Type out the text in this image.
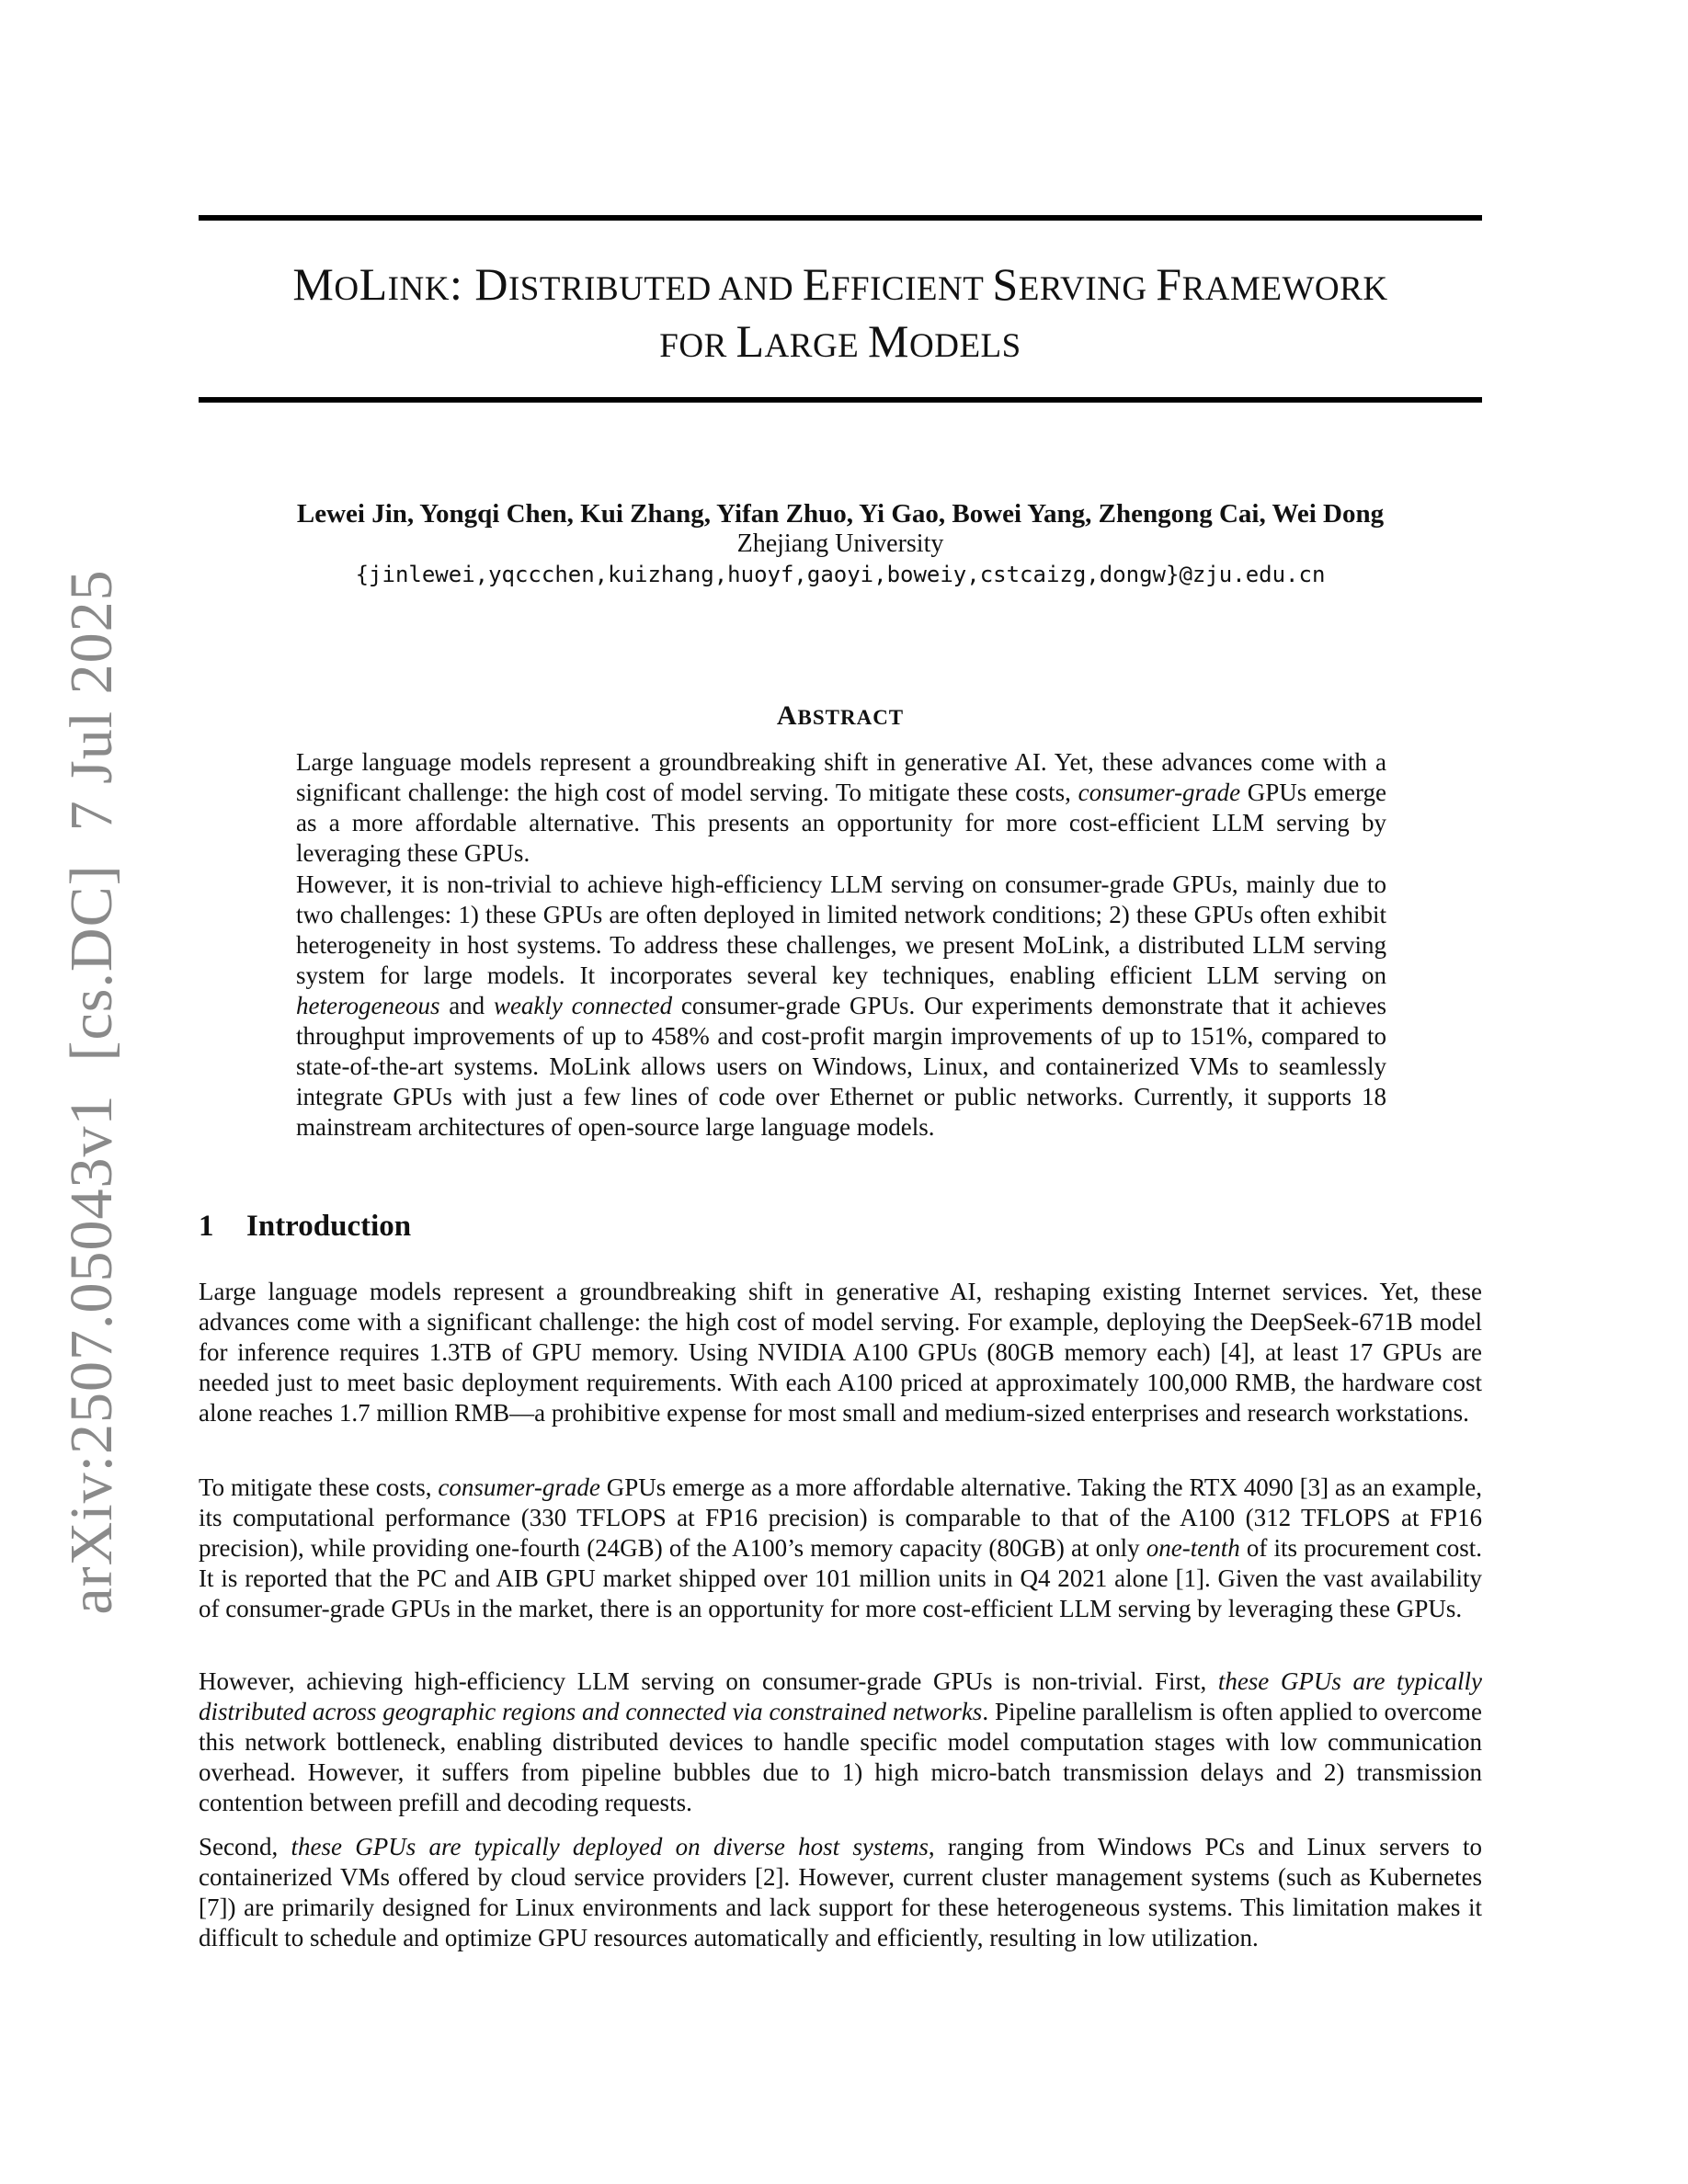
MOLINK: DISTRIBUTED AND EFFICIENT SERVING FRAMEWORK
FOR LARGE MODELS
Lewei Jin, Yongqi Chen, Kui Zhang, Yifan Zhuo, Yi Gao, Bowei Yang, Zhengong Cai, Wei Dong
Zhejiang University
{jinlewei,yqccchen,kuizhang,huoyf,gaoyi,boweiy,cstcaizg,dongw}@zju.edu.cn
arXiv:2507.05043v1[cs.DC]7 Jul 2025	ABSTRACT

Large language models represent a groundbreaking shift in generative AI. Yet, these advances come with a significant challenge: the high cost of model serving. To mitigate these costs, consumer-grade GPUs emerge as a more affordable alternative. This presents an opportunity for more cost-efficient LLM serving by leveraging these GPUs.

However, it is non-trivial to achieve high-efficiency LLM serving on consumer-grade GPUs, mainly due to two challenges: 1) these GPUs are often deployed in limited network conditions; 2) these GPUs often exhibit heterogeneity in host systems. To address these challenges, we present MoLink, a distributed LLM serving system for large models. It incorporates several key techniques, enabling efficient LLM serving on heterogeneous and weakly connected consumer-grade GPUs. Our experiments demonstrate that it achieves throughput improvements of up to 458% and cost-profit margin improvements of up to 151%, compared to state-of-the-art systems. MoLink allows users on Windows, Linux, and containerized VMs to seamlessly integrate GPUs with just a few lines of code over Ethernet or public networks. Currently, it supports 18 mainstream architectures of open-source large language models.

1 Introduction

Large language models represent a groundbreaking shift in generative AI, reshaping existing Internet services. Yet, these advances come with a significant challenge: the high cost of model serving. For example, deploying the DeepSeek-671B model for inference requires 1.3TB of GPU memory. Using NVIDIA A100 GPUs (80GB memory each) [4], at least 17 GPUs are needed just to meet basic deployment requirements. With each A100 priced at approximately 100,000 RMB, the hardware cost alone reaches 1.7 million RMB—a prohibitive expense for most small and medium-sized enterprises and research workstations.

To mitigate these costs, consumer-grade GPUs emerge as a more affordable alternative. Taking the RTX 4090 [3] as an example, its computational performance (330 TFLOPS at FP16 precision) is comparable to that of the A100 (312 TFLOPS at FP16 precision), while providing one-fourth (24GB) of the A100’s memory capacity (80GB) at only one-tenth of its procurement cost. It is reported that the PC and AIB GPU market shipped over 101 million units in Q4 2021 alone [1]. Given the vast availability of consumer-grade GPUs in the market, there is an opportunity for more cost-efficient LLM serving by leveraging these GPUs.

However, achieving high-efficiency LLM serving on consumer-grade GPUs is non-trivial. First, these GPUs are typically distributed across geographic regions and connected via constrained networks. Pipeline parallelism is often applied to overcome this network bottleneck, enabling distributed devices to handle specific model computation stages with low communication overhead. However, it suffers from pipeline bubbles due to 1) high micro-batch transmission delays and 2) transmission contention between prefill and decoding requests.

Second, these GPUs are typically deployed on diverse host systems, ranging from Windows PCs and Linux servers to containerized VMs offered by cloud service providers [2]. However, current cluster management systems (such as Kubernetes [7]) are primarily designed for Linux environments and lack support for these heterogeneous systems. This limitation makes it difficult to schedule and optimize GPU resources automatically and efficiently, resulting in low utilization.
